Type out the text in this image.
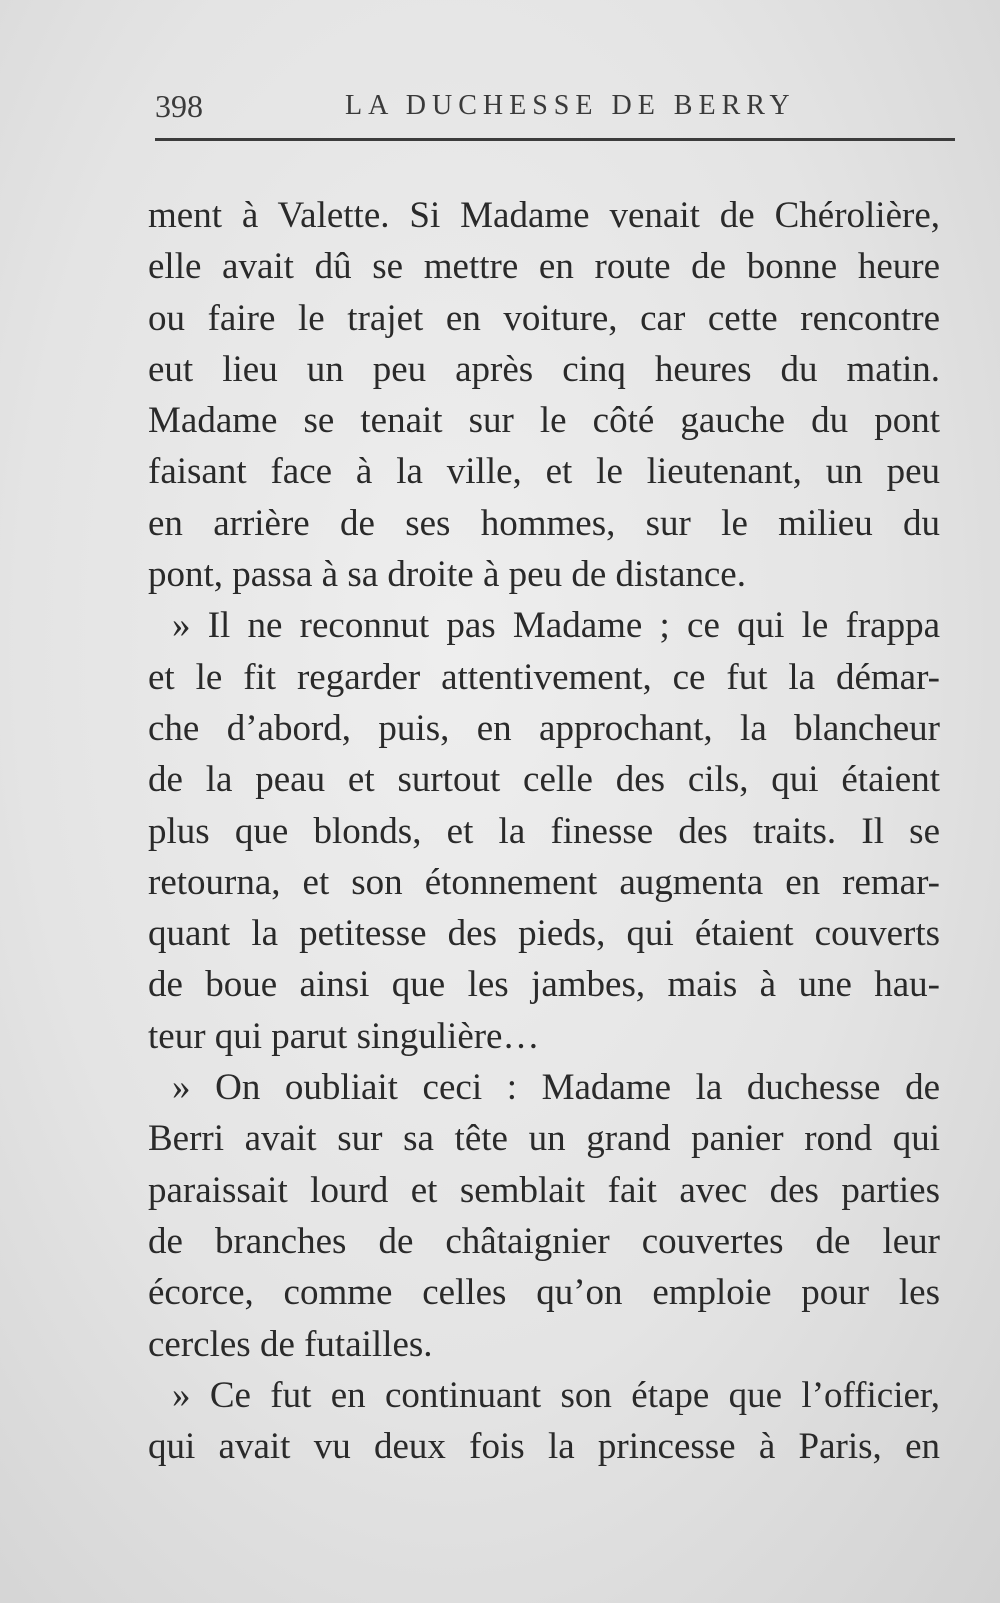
398	LA DUCHESSE DE BERRY
ment à Valette. Si Madame venait de Chérolière,
elle avait dû se mettre en route de bonne heure
ou faire le trajet en voiture, car cette rencontre
eut lieu un peu après cinq heures du matin.
Madame se tenait sur le côté gauche du pont
faisant face à la ville, et le lieutenant, un peu
en arrière de ses hommes, sur le milieu du
pont, passa à sa droite à peu de distance.
» Il ne reconnut pas Madame ; ce qui le frappa
et le fit regarder attentivement, ce fut la démar-
che d’abord, puis, en approchant, la blancheur
de la peau et surtout celle des cils, qui étaient
plus que blonds, et la finesse des traits. Il se
retourna, et son étonnement augmenta en remar-
quant la petitesse des pieds, qui étaient couverts
de boue ainsi que les jambes, mais à une hau-
teur qui parut singulière…
» On oubliait ceci : Madame la duchesse de
Berri avait sur sa tête un grand panier rond qui
paraissait lourd et semblait fait avec des parties
de branches de châtaignier couvertes de leur
écorce, comme celles qu’on emploie pour les
cercles de futailles.
» Ce fut en continuant son étape que l’officier,
qui avait vu deux fois la princesse à Paris, en
